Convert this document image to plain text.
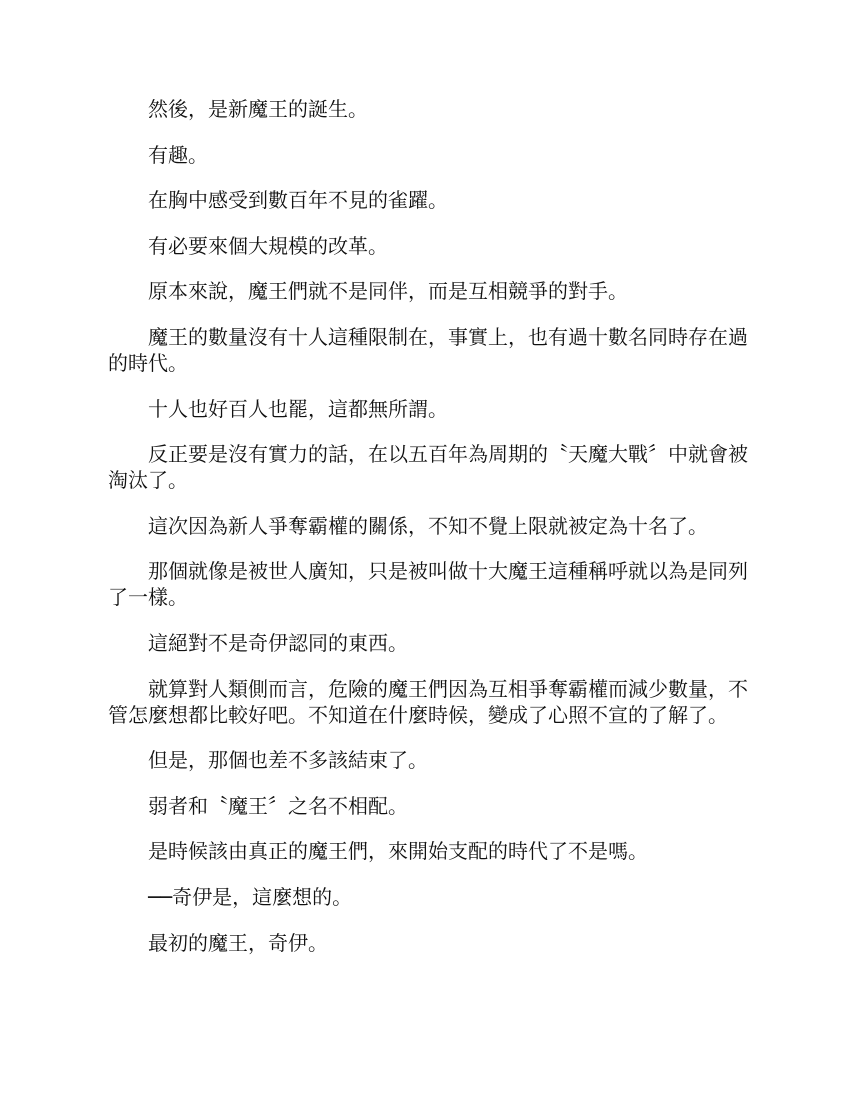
然後，是新魔王的誕生。

有趣。

在胸中感受到數百年不見的雀躍。

有必要來個大規模的改革。

原本來說，魔王們就不是同伴，而是互相競爭的對手。

魔王的數量沒有十人這種限制在，事實上，也有過十數名同時存在過的時代。

十人也好百人也罷，這都無所謂。

反正要是沒有實力的話，在以五百年為周期的〝天魔大戰〞中就會被淘汰了。

這次因為新人爭奪霸權的關係，不知不覺上限就被定為十名了。

那個就像是被世人廣知，只是被叫做十大魔王這種稱呼就以為是同列了一樣。

這絕對不是奇伊認同的東西。

就算對人類側而言，危險的魔王們因為互相爭奪霸權而減少數量，不管怎麼想都比較好吧。不知道在什麼時候，變成了心照不宣的了解了。

但是，那個也差不多該結束了。

弱者和〝魔王〞之名不相配。

是時候該由真正的魔王們，來開始支配的時代了不是嗎。

──奇伊是，這麼想的。

最初的魔王，奇伊。
